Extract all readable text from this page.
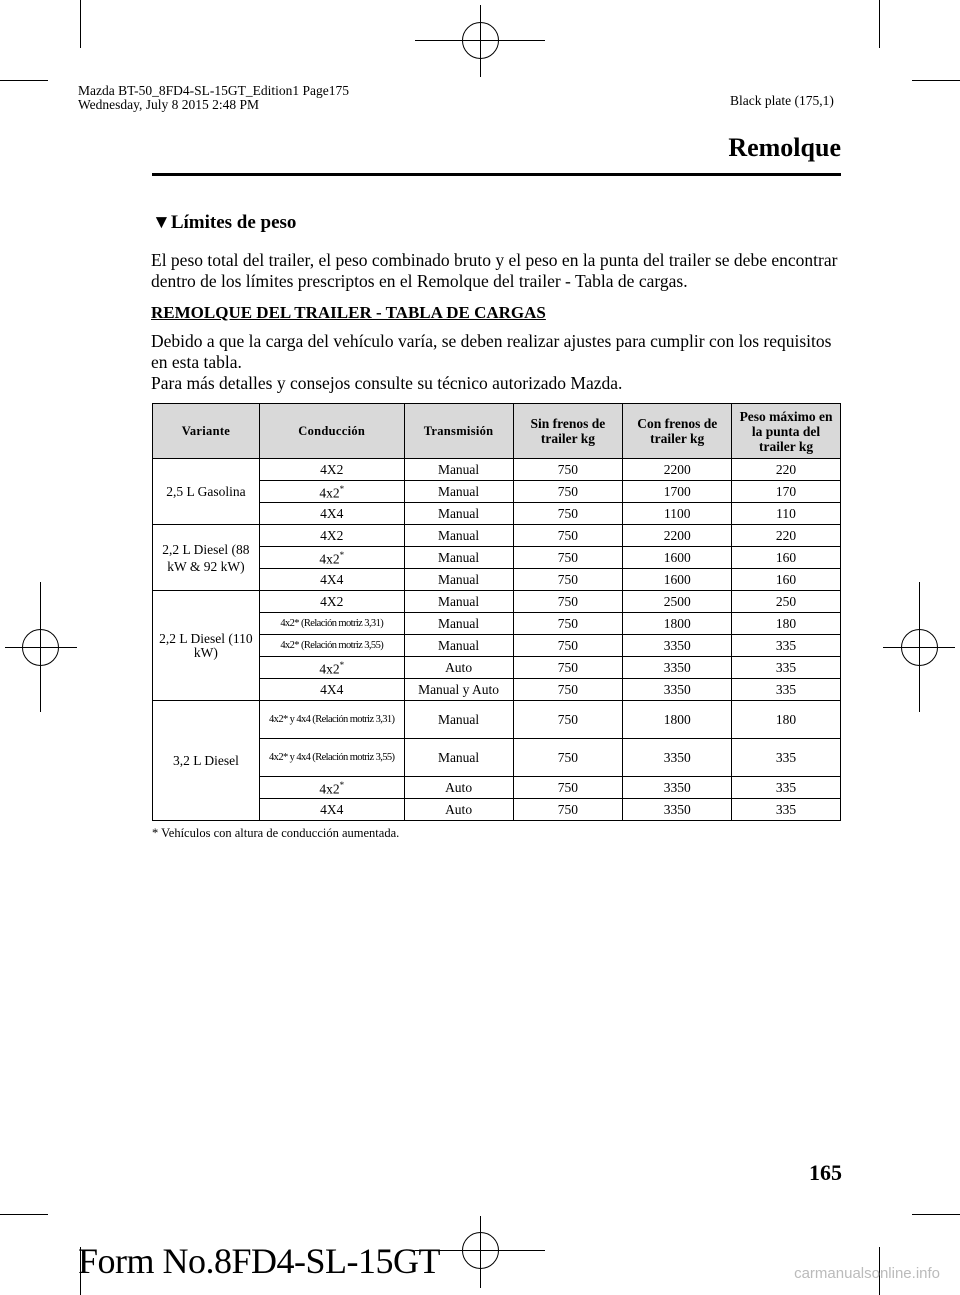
Mazda BT-50_8FD4-SL-15GT_Edition1 Page175
Wednesday, July 8 2015 2:48 PM	Black plate (175,1)
Remolque
▼Límites de peso
El peso total del trailer, el peso combinado bruto y el peso en la punta del trailer se debe encontrar dentro de los límites prescriptos en el Remolque del trailer - Tabla de cargas.
REMOLQUE DEL TRAILER - TABLA DE CARGAS
Debido a que la carga del vehículo varía, se deben realizar ajustes para cumplir con los requisitos en esta tabla.
Para más detalles y consejos consulte su técnico autorizado Mazda.
Variante	Conducción	Transmisión	Sin frenos de trailer kg	Con frenos de trailer kg	Peso máximo en la punta del trailer kg
2,5 L Gasolina	4X2	Manual	750	2200	220
	4x2*	Manual	750	1700	170
	4X4	Manual	750	1100	110
2,2 L Diesel (88 kW & 92 kW)	4X2	Manual	750	2200	220
	4x2*	Manual	750	1600	160
	4X4	Manual	750	1600	160
2,2 L Diesel (110 kW)	4X2	Manual	750	2500	250
	4x2* (Relación motriz 3,31)	Manual	750	1800	180
	4x2* (Relación motriz 3,55)	Manual	750	3350	335
	4x2*	Auto	750	3350	335
	4X4	Manual y Auto	750	3350	335
3,2 L Diesel	4x2* y 4x4 (Relación motriz 3,31)	Manual	750	1800	180
	4x2* y 4x4 (Relación motriz 3,55)	Manual	750	3350	335
	4x2*	Auto	750	3350	335
	4X4	Auto	750	3350	335
* Vehículos con altura de conducción aumentada.
165
Form No.8FD4-SL-15GT	carmanualsonline.info
